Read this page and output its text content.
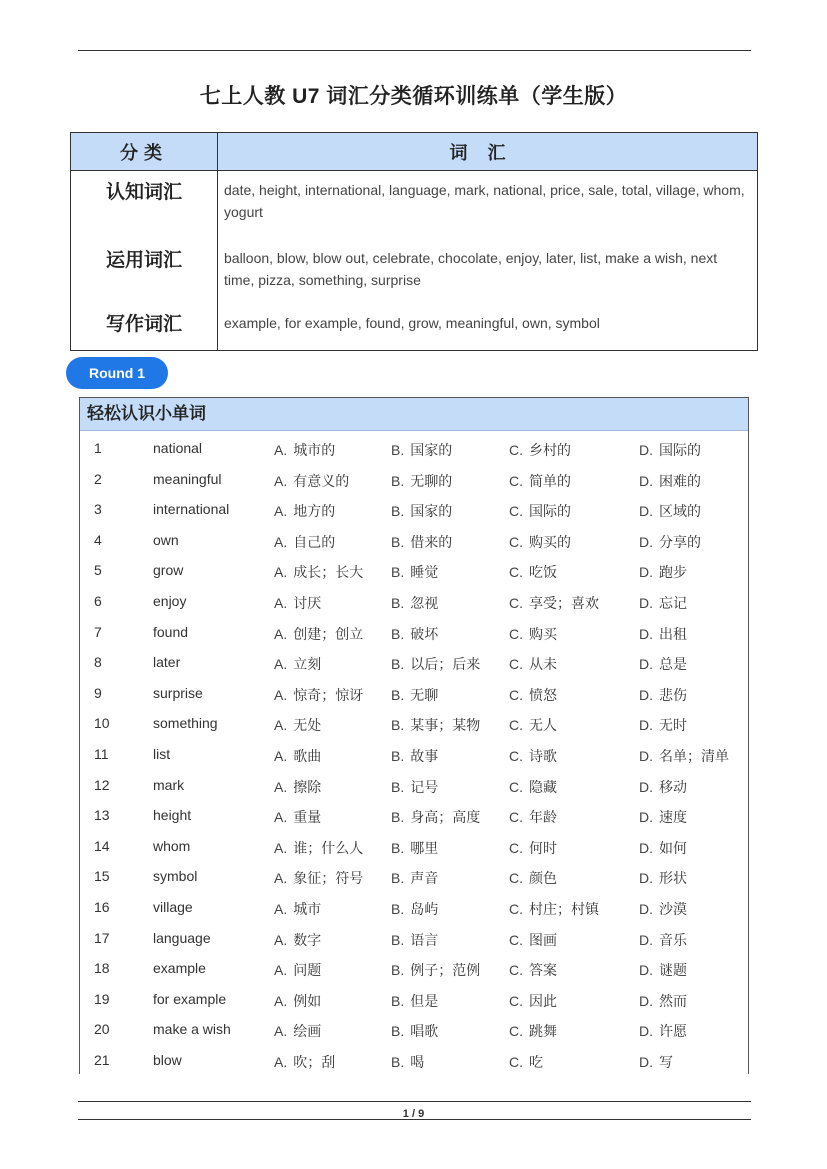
七上人教 U7 词汇分类循环训练单（学生版）
分类	词汇
认知词汇	date, height, international, language, mark, national, price, sale, total, village, whom, yogurt
运用词汇	balloon, blow, blow out, celebrate, chocolate, enjoy, later, list, make a wish, next time, pizza, something, surprise
写作词汇	example, for example, found, grow, meaningful, own, symbol
Round 1
轻松认识小单词
1	national	A. 城市的	B. 国家的	C. 乡村的	D. 国际的
2	meaningful	A. 有意义的	B. 无聊的	C. 简单的	D. 困难的
3	international	A. 地方的	B. 国家的	C. 国际的	D. 区域的
4	own	A. 自己的	B. 借来的	C. 购买的	D. 分享的
5	grow	A. 成长；长大 B. 睡觉	C. 吃饭	D. 跑步
6	enjoy	A. 讨厌	B. 忽视	C. 享受；喜欢	D. 忘记
7	found	A. 创建；创立 B. 破坏	C. 购买	D. 出租
8	later	A. 立刻	B. 以后；后来 C. 从未	D. 总是
9	surprise	A. 惊奇；惊讶 B. 无聊	C. 愤怒	D. 悲伤
10	something	A. 无处	B. 某事；某物 C. 无人	D. 无时
11	list	A. 歌曲	B. 故事	C. 诗歌	D. 名单；清单
12	mark	A. 擦除	B. 记号	C. 隐藏	D. 移动
13	height	A. 重量	B. 身高；高度 C. 年龄	D. 速度
14	whom	A. 谁；什么人 B. 哪里	C. 何时	D. 如何
15	symbol	A. 象征；符号 B. 声音	C. 颜色	D. 形状
16	village	A. 城市	B. 岛屿	C. 村庄；村镇	D. 沙漠
17	language	A. 数字	B. 语言	C. 图画	D. 音乐
18	example	A. 问题	B. 例子；范例 C. 答案	D. 谜题
19	for example	A. 例如	B. 但是	C. 因此	D. 然而
20	make a wish	A. 绘画	B. 唱歌	C. 跳舞	D. 许愿
21	blow	A. 吹；刮	B. 喝	C. 吃	D. 写
1 / 9
